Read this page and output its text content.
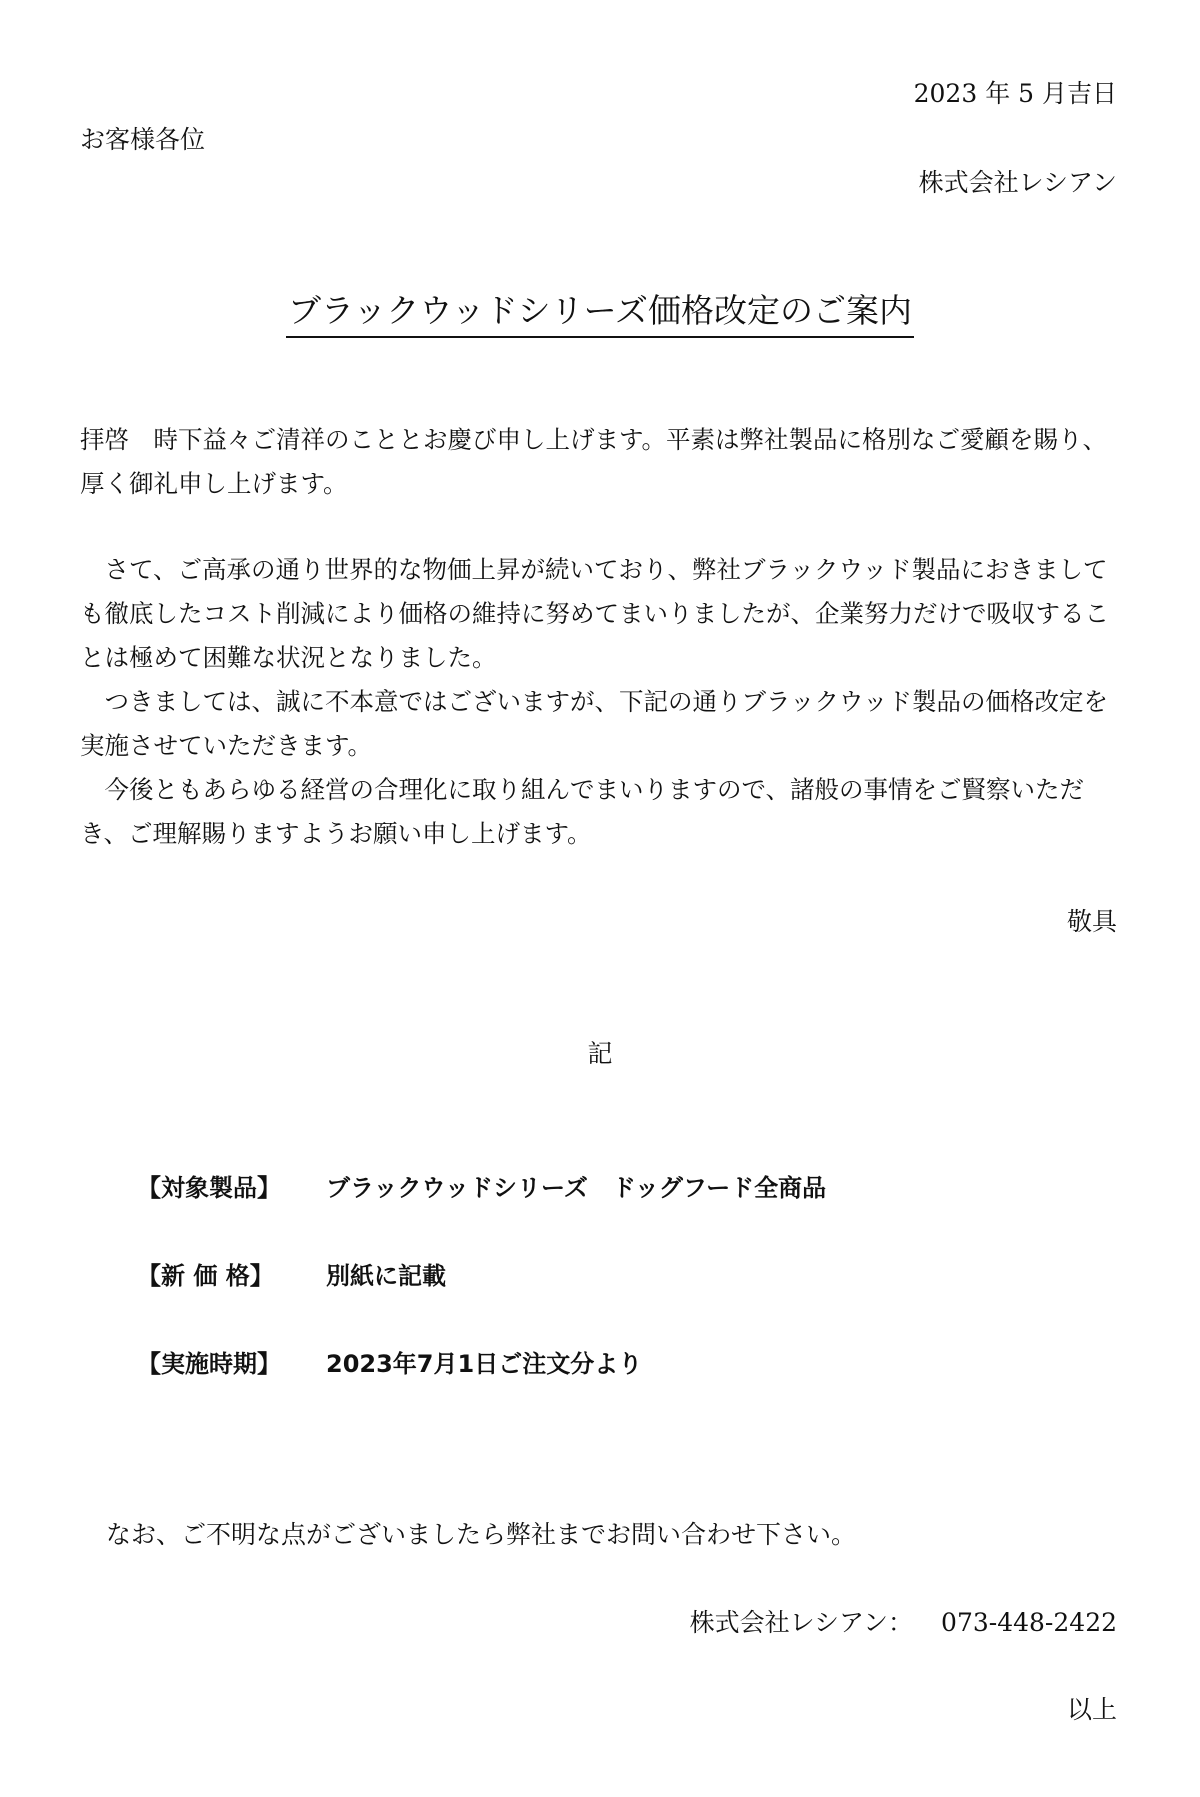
2023 年 5 月吉日
お客様各位
株式会社レシアン
ブラックウッドシリーズ価格改定のご案内
拝啓　時下益々ご清祥のこととお慶び申し上げます。平素は弊社製品に格別なご愛顧を賜り、厚く御礼申し上げます。
さて、ご高承の通り世界的な物価上昇が続いており、弊社ブラックウッド製品におきましても徹底したコスト削減により価格の維持に努めてまいりましたが、企業努力だけで吸収することは極めて困難な状況となりました。
つきましては、誠に不本意ではございますが、下記の通りブラックウッド製品の価格改定を実施させていただきます。
今後ともあらゆる経営の合理化に取り組んでまいりますので、諸般の事情をご賢察いただき、ご理解賜りますようお願い申し上げます。
敬具
記
【対象製品】 ブラックウッドシリーズ　ドッグフード全商品
【新 価 格】 別紙に記載
【実施時期】 2023年7月1日ご注文分より
なお、ご不明な点がございましたら弊社までお問い合わせ下さい。
株式会社レシアン： 073-448-2422
以上
